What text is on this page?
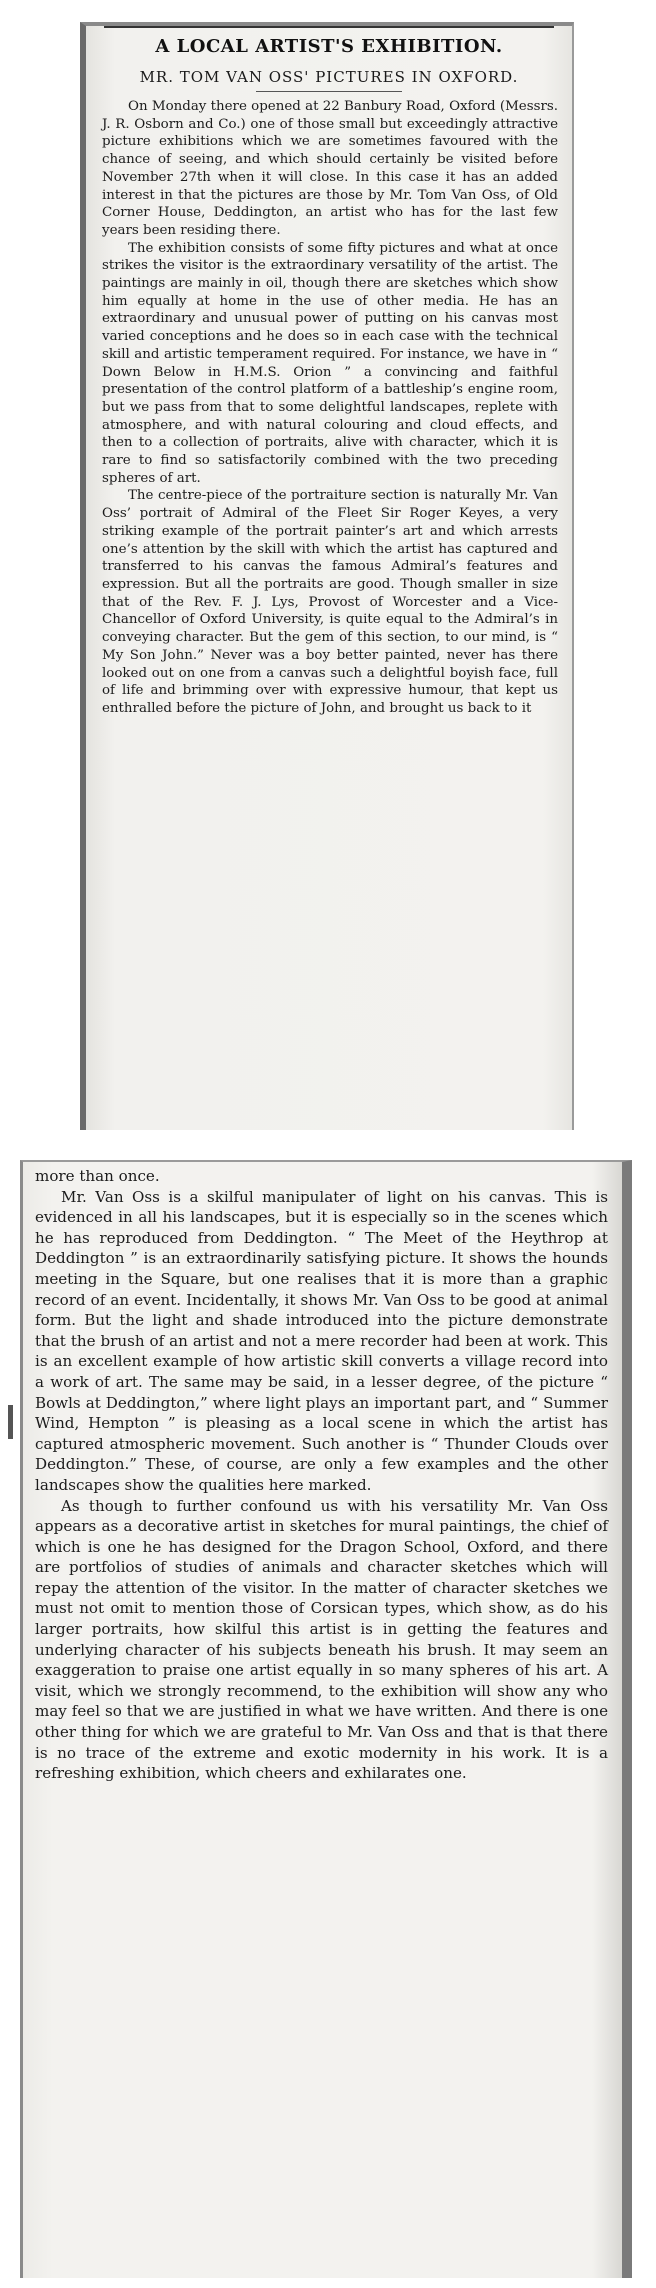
A LOCAL ARTIST'S EXHIBITION.
MR. TOM VAN OSS' PICTURES IN OXFORD.

On Monday there opened at 22 Banbury Road, Oxford (Messrs. J. R. Osborn and Co.) one of those small but exceedingly attractive picture exhibitions which we are sometimes favoured with the chance of seeing, and which should certainly be visited before November 27th when it will close. In this case it has an added interest in that the pictures are those by Mr. Tom Van Oss, of Old Corner House, Deddington, an artist who has for the last few years been residing there.

The exhibition consists of some fifty pictures and what at once strikes the visitor is the extraordinary versatility of the artist. The paintings are mainly in oil, though there are sketches which show him equally at home in the use of other media. He has an extraordinary and unusual power of putting on his canvas most varied conceptions and he does so in each case with the technical skill and artistic temperament required. For instance, we have in “ Down Below in H.M.S. Orion ” a convincing and faithful presentation of the control platform of a battleship’s engine room, but we pass from that to some delightful landscapes, replete with atmosphere, and with natural colouring and cloud effects, and then to a collection of portraits, alive with character, which it is rare to find so satisfactorily combined with the two preceding spheres of art.

The centre-piece of the portraiture section is naturally Mr. Van Oss’ portrait of Admiral of the Fleet Sir Roger Keyes, a very striking example of the portrait painter’s art and which arrests one’s attention by the skill with which the artist has captured and transferred to his canvas the famous Admiral’s features and expression. But all the portraits are good. Though smaller in size that of the Rev. F. J. Lys, Provost of Worcester and a Vice-Chancellor of Oxford University, is quite equal to the Admiral’s in conveying character. But the gem of this section, to our mind, is “ My Son John.” Never was a boy better painted, never has there looked out on one from a canvas such a delightful boyish face, full of life and brimming over with expressive humour, that kept us enthralled before the picture of John, and brought us back to it

more than once.

Mr. Van Oss is a skilful manipulater of light on his canvas. This is evidenced in all his landscapes, but it is especially so in the scenes which he has reproduced from Deddington. “ The Meet of the Heythrop at Deddington ” is an extraordinarily satisfying picture. It shows the hounds meeting in the Square, but one realises that it is more than a graphic record of an event. Incidentally, it shows Mr. Van Oss to be good at animal form. But the light and shade introduced into the picture demonstrate that the brush of an artist and not a mere recorder had been at work. This is an excellent example of how artistic skill converts a village record into a work of art. The same may be said, in a lesser degree, of the picture “ Bowls at Deddington,” where light plays an important part, and “ Summer Wind, Hempton ” is pleasing as a local scene in which the artist has captured atmospheric movement. Such another is “ Thunder Clouds over Deddington.” These, of course, are only a few examples and the other landscapes show the qualities here marked.

As though to further confound us with his versatility Mr. Van Oss appears as a decorative artist in sketches for mural paintings, the chief of which is one he has designed for the Dragon School, Oxford, and there are portfolios of studies of animals and character sketches which will repay the attention of the visitor. In the matter of character sketches we must not omit to mention those of Corsican types, which show, as do his larger portraits, how skilful this artist is in getting the features and underlying character of his subjects beneath his brush. It may seem an exaggeration to praise one artist equally in so many spheres of his art. A visit, which we strongly recommend, to the exhibition will show any who may feel so that we are justified in what we have written. And there is one other thing for which we are grateful to Mr. Van Oss and that is that there is no trace of the extreme and exotic modernity in his work. It is a refreshing exhibition, which cheers and exhilarates one.
